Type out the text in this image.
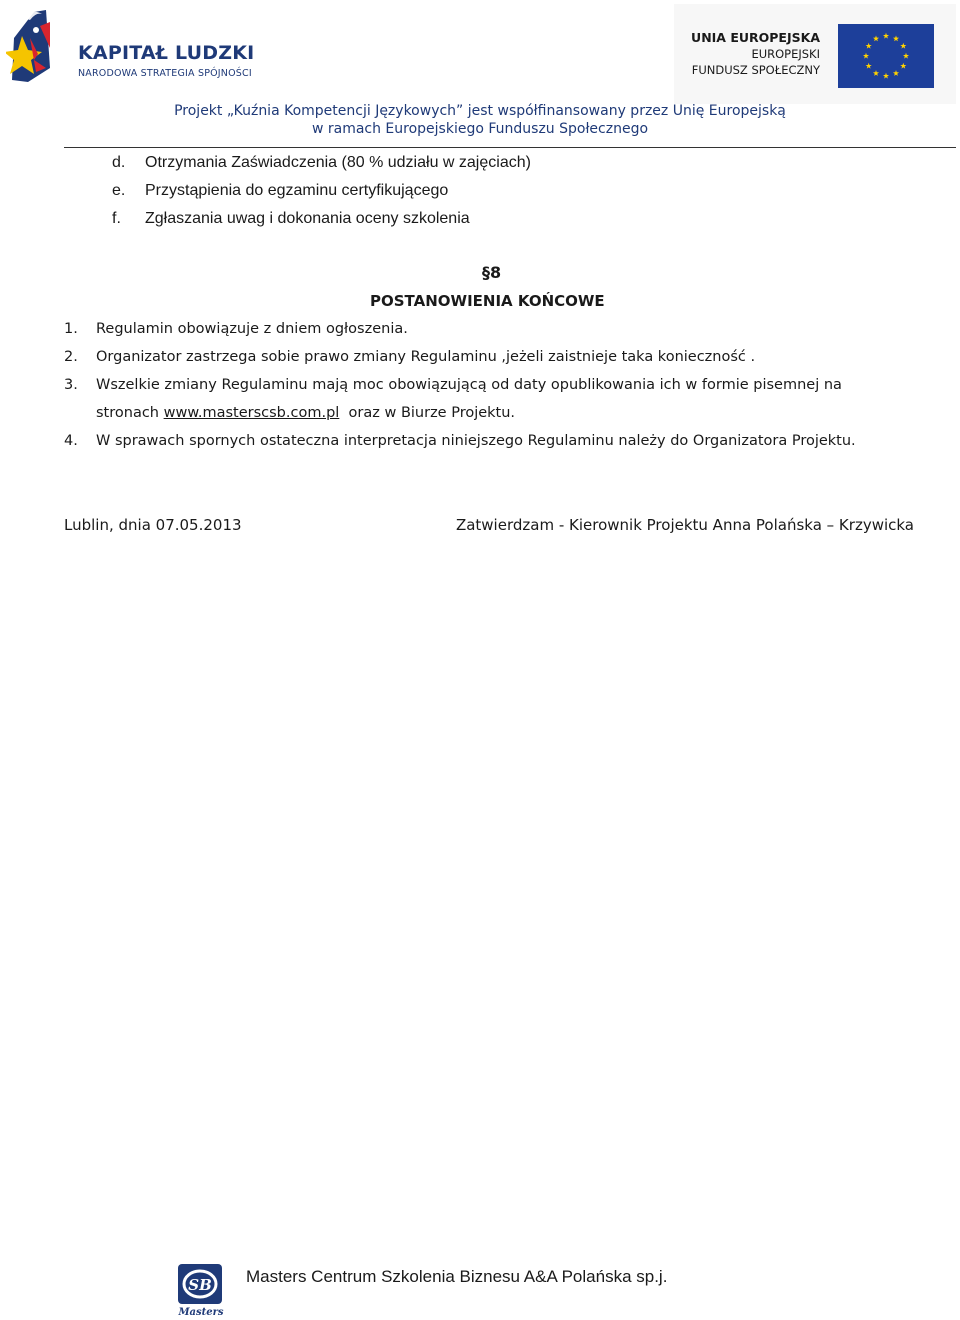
KAPITAŁ LUDZKI
NARODOWA STRATEGIA SPÓJNOŚCI
UNIA EUROPEJSKA
EUROPEJSKI
FUNDUSZ SPOŁECZNY
Projekt „Kuźnia Kompetencji Językowych” jest współfinansowany przez Unię Europejską
w ramach Europejskiego Funduszu Społecznego
d. Otrzymania Zaświadczenia (80 % udziału w zajęciach)
e. Przystąpienia do egzaminu certyfikującego
f. Zgłaszania uwag i dokonania oceny szkolenia
§8
POSTANOWIENIA KOŃCOWE
1. Regulamin obowiązuje z dniem ogłoszenia.
2. Organizator zastrzega sobie prawo zmiany Regulaminu ,jeżeli zaistnieje taka konieczność .
3. Wszelkie zmiany Regulaminu mają moc obowiązującą od daty opublikowania ich w formie pisemnej na
stronach www.masterscsb.com.pl  oraz w Biurze Projektu.
4. W sprawach spornych ostateczna interpretacja niniejszego Regulaminu należy do Organizatora Projektu.
Lublin, dnia 07.05.2013	Zatwierdzam - Kierownik Projektu Anna Polańska – Krzywicka
SB
Masters
Masters Centrum Szkolenia Biznesu A&A Polańska sp.j.
